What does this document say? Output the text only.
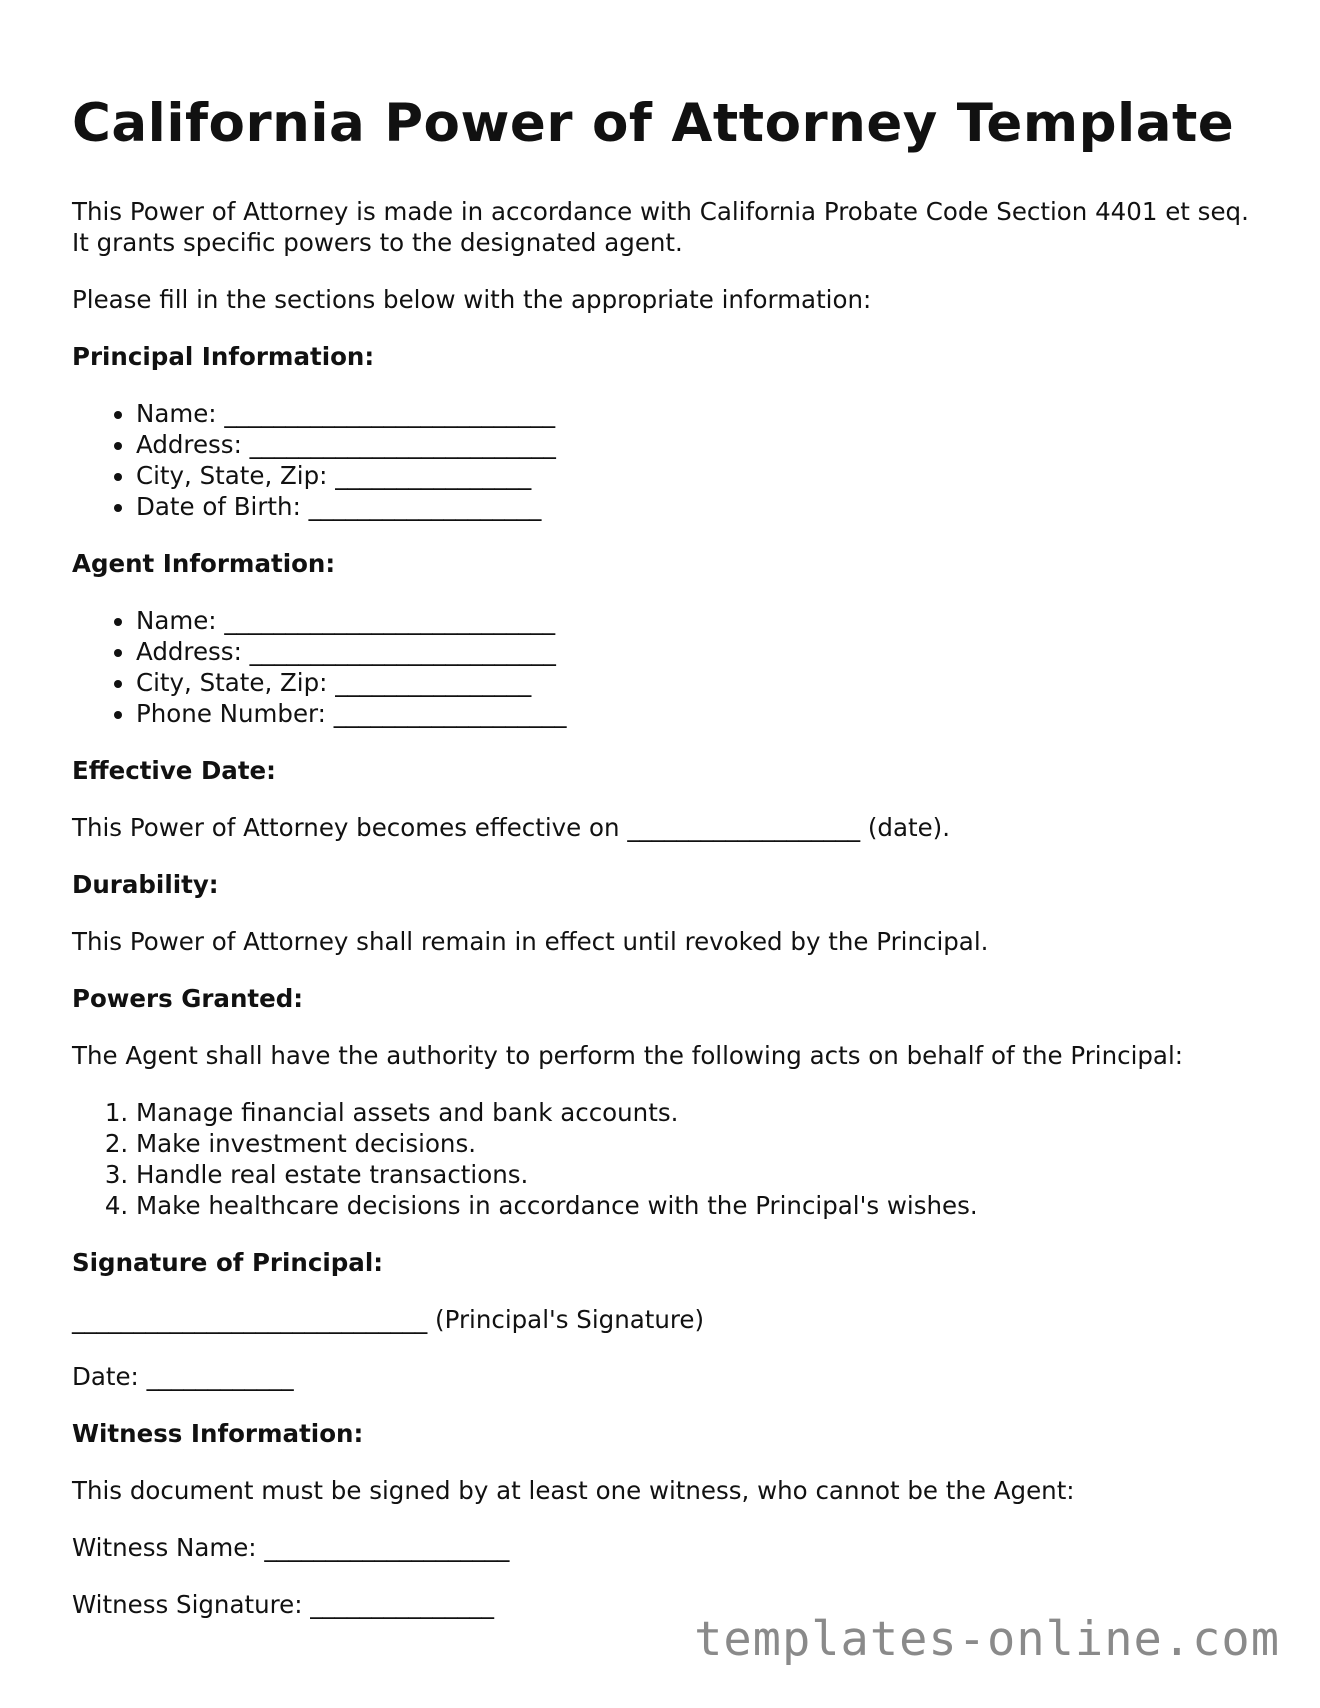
California Power of Attorney Template

This Power of Attorney is made in accordance with California Probate Code Section 4401 et seq. It grants specific powers to the designated agent.

Please fill in the sections below with the appropriate information:

Principal Information:
• Name: ___________________________
• Address: _________________________
• City, State, Zip: ________________
• Date of Birth: ___________________
Agent Information:
• Name: ___________________________
• Address: _________________________
• City, State, Zip: ________________
• Phone Number: ___________________
Effective Date:

This Power of Attorney becomes effective on ___________________ (date).

Durability:

This Power of Attorney shall remain in effect until revoked by the Principal.

Powers Granted:

The Agent shall have the authority to perform the following acts on behalf of the Principal:

1. Manage financial assets and bank accounts.
2. Make investment decisions.
3. Handle real estate transactions.
4. Make healthcare decisions in accordance with the Principal's wishes.
Signature of Principal:

_____________________________ (Principal's Signature)

Date: ____________

Witness Information:

This document must be signed by at least one witness, who cannot be the Agent:

Witness Name: ____________________

Witness Signature: _______________

templates-online.com
